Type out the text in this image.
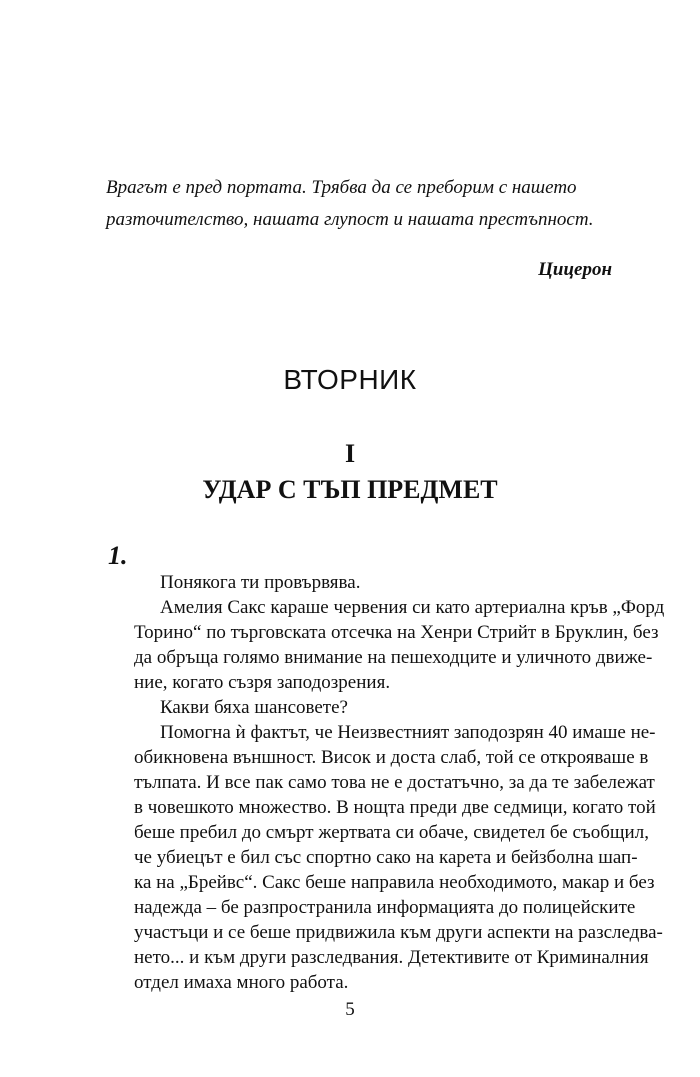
Врагът е пред портата. Трябва да се преборим с нашето

разточителство, нашата глупост и нашата престъпност.

Цицерон
ВТОРНИК
I
УДАР С ТЪП ПРЕДМЕТ
1.
Понякога ти провървява.
Амелия Сакс караше червения си като артериална кръв „Форд
Торино“ по търговската отсечка на Хенри Стрийт в Бруклин, без
да обръща голямо внимание на пешеходците и уличното движе-
ние, когато съзря заподозрения.
Какви бяха шансовете?
Помогна ѝ фактът, че Неизвестният заподозрян 40 имаше не-
обикновена външност. Висок и доста слаб, той се открояваше в
тълпата. И все пак само това не е достатъчно, за да те забележат
в човешкото множество. В нощта преди две седмици, когато той
беше пребил до смърт жертвата си обаче, свидетел бе съобщил,
че убиецът е бил със спортно сако на карета и бейзболна шап-
ка на „Брейвс“. Сакс беше направила необходимото, макар и без
надежда – бе разпространила информацията до полицейските
участъци и се беше придвижила към други аспекти на разследва-
нето... и към други разследвания. Детективите от Криминалния
отдел имаха много работа.
5
